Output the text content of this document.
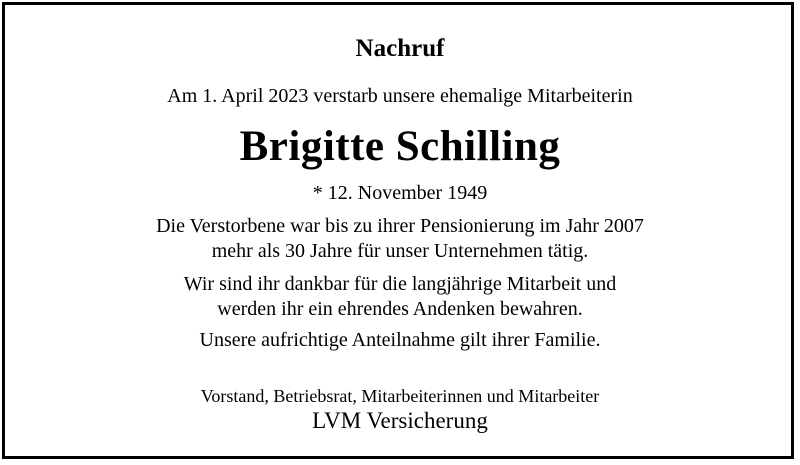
Nachruf
Am 1. April 2023 verstarb unsere ehemalige Mitarbeiterin
Brigitte Schilling
* 12. November 1949
Die Verstorbene war bis zu ihrer Pensionierung im Jahr 2007
mehr als 30 Jahre für unser Unternehmen tätig.
Wir sind ihr dankbar für die langjährige Mitarbeit und
werden ihr ein ehrendes Andenken bewahren.
Unsere aufrichtige Anteilnahme gilt ihrer Familie.
Vorstand, Betriebsrat, Mitarbeiterinnen und Mitarbeiter
LVM Versicherung
